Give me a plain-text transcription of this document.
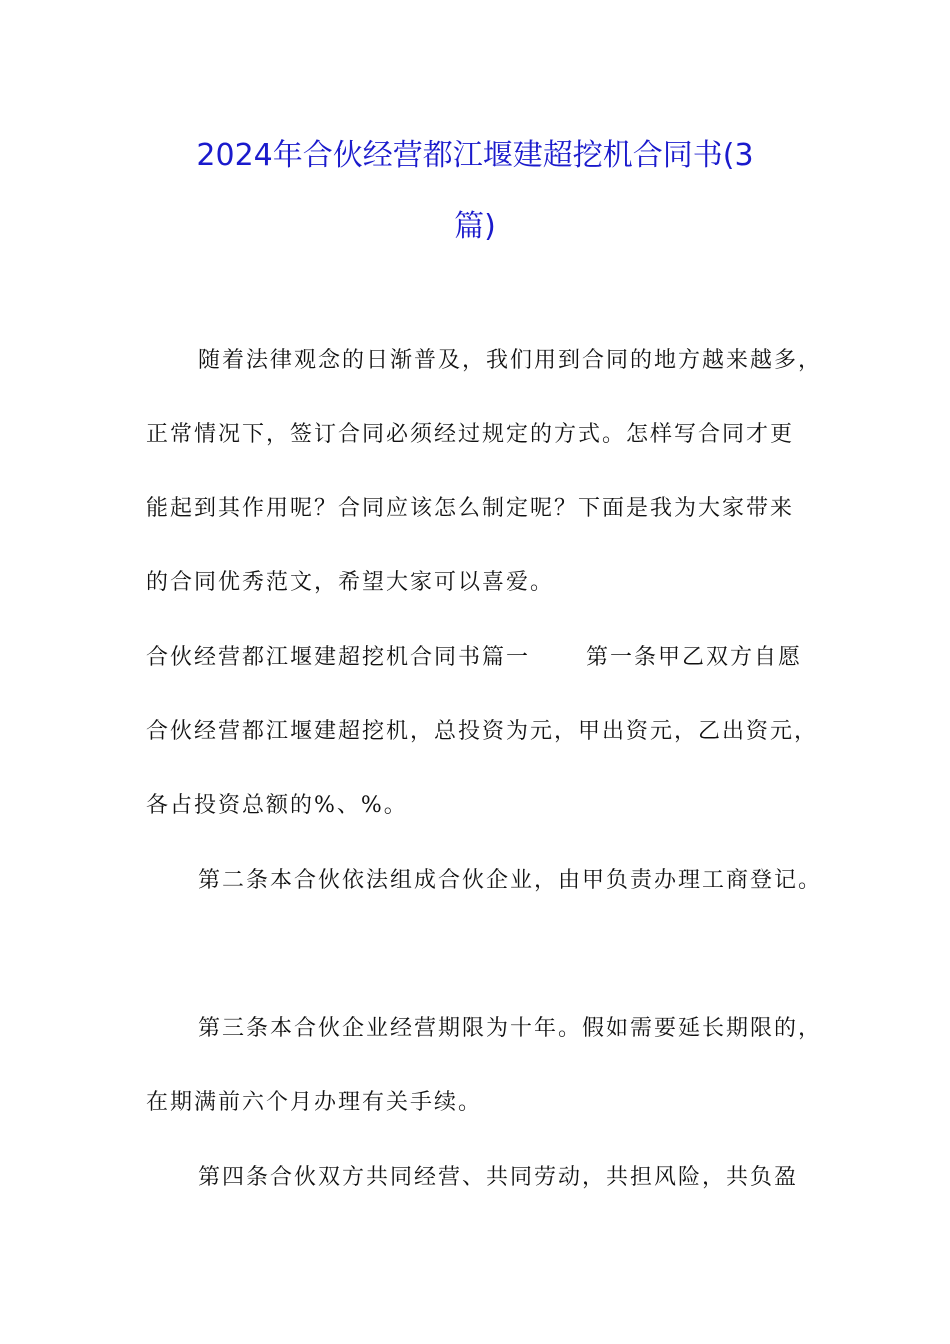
2024年合伙经营都江堰建超挖机合同书(3
篇)
随着法律观念的日渐普及，我们用到合同的地方越来越多，
正常情况下，签订合同必须经过规定的方式。怎样写合同才更
能起到其作用呢？合同应该怎么制定呢？下面是我为大家带来
的合同优秀范文，希望大家可以喜爱。
合伙经营都江堰建超挖机合同书篇一	第一条甲乙双方自愿
合伙经营都江堰建超挖机，总投资为元，甲出资元，乙出资元，
各占投资总额的%、%。
第二条本合伙依法组成合伙企业，由甲负责办理工商登记。
第三条本合伙企业经营期限为十年。假如需要延长期限的，
在期满前六个月办理有关手续。
第四条合伙双方共同经营、共同劳动，共担风险，共负盈
